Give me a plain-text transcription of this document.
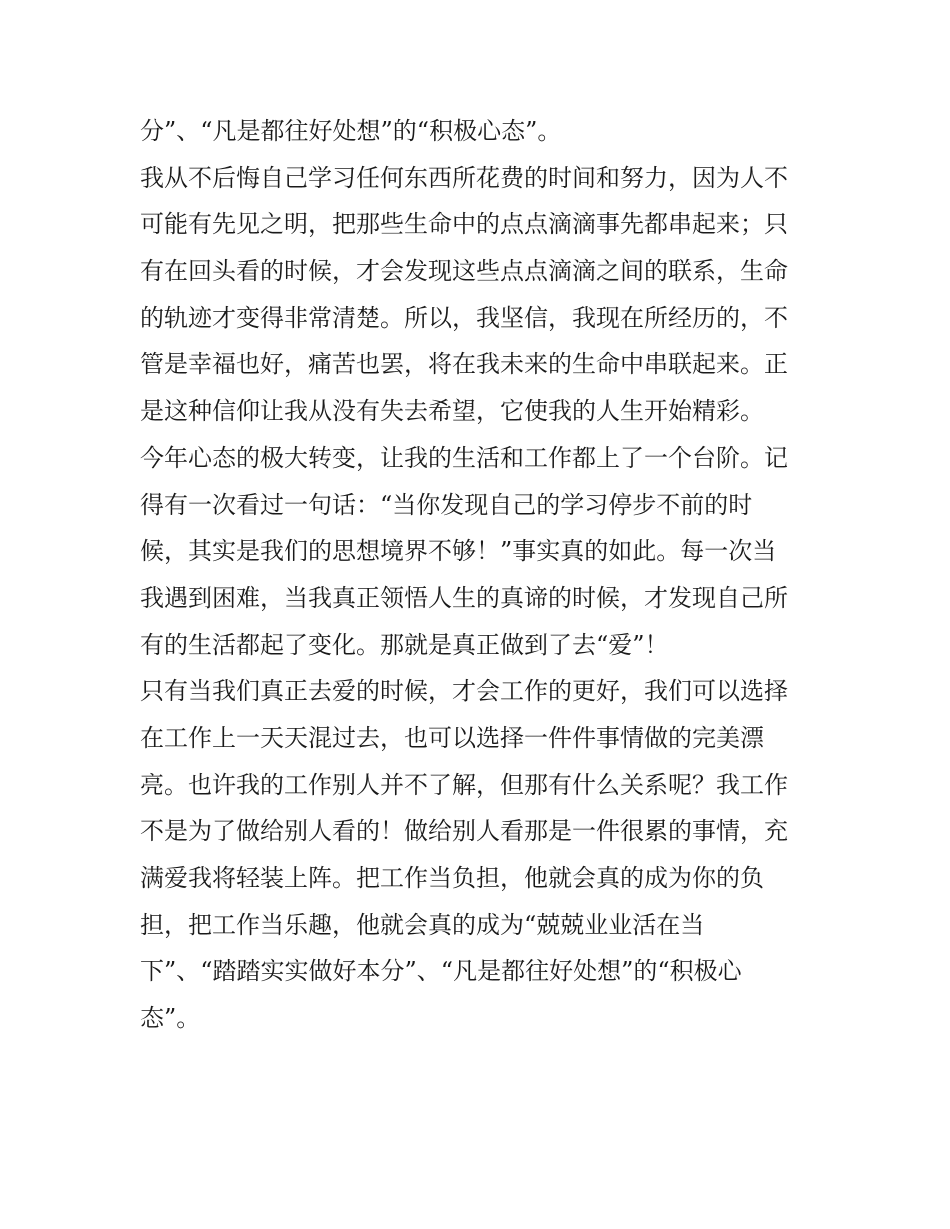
分”、“凡是都往好处想”的“积极心态”。
我从不后悔自己学习任何东西所花费的时间和努力，因为人不
可能有先见之明，把那些生命中的点点滴滴事先都串起来；只
有在回头看的时候，才会发现这些点点滴滴之间的联系，生命
的轨迹才变得非常清楚。所以，我坚信，我现在所经历的，不
管是幸福也好，痛苦也罢，将在我未来的生命中串联起来。正
是这种信仰让我从没有失去希望，它使我的人生开始精彩。
今年心态的极大转变，让我的生活和工作都上了一个台阶。记
得有一次看过一句话：“当你发现自己的学习停步不前的时
候，其实是我们的思想境界不够！”事实真的如此。每一次当
我遇到困难，当我真正领悟人生的真谛的时候，才发现自己所
有的生活都起了变化。那就是真正做到了去“爱”！
只有当我们真正去爱的时候，才会工作的更好，我们可以选择
在工作上一天天混过去，也可以选择一件件事情做的完美漂
亮。也许我的工作别人并不了解，但那有什么关系呢？我工作
不是为了做给别人看的！做给别人看那是一件很累的事情，充
满爱我将轻装上阵。把工作当负担，他就会真的成为你的负
担，把工作当乐趣，他就会真的成为“兢兢业业活在当
下”、“踏踏实实做好本分”、“凡是都往好处想”的“积极心
态”。
